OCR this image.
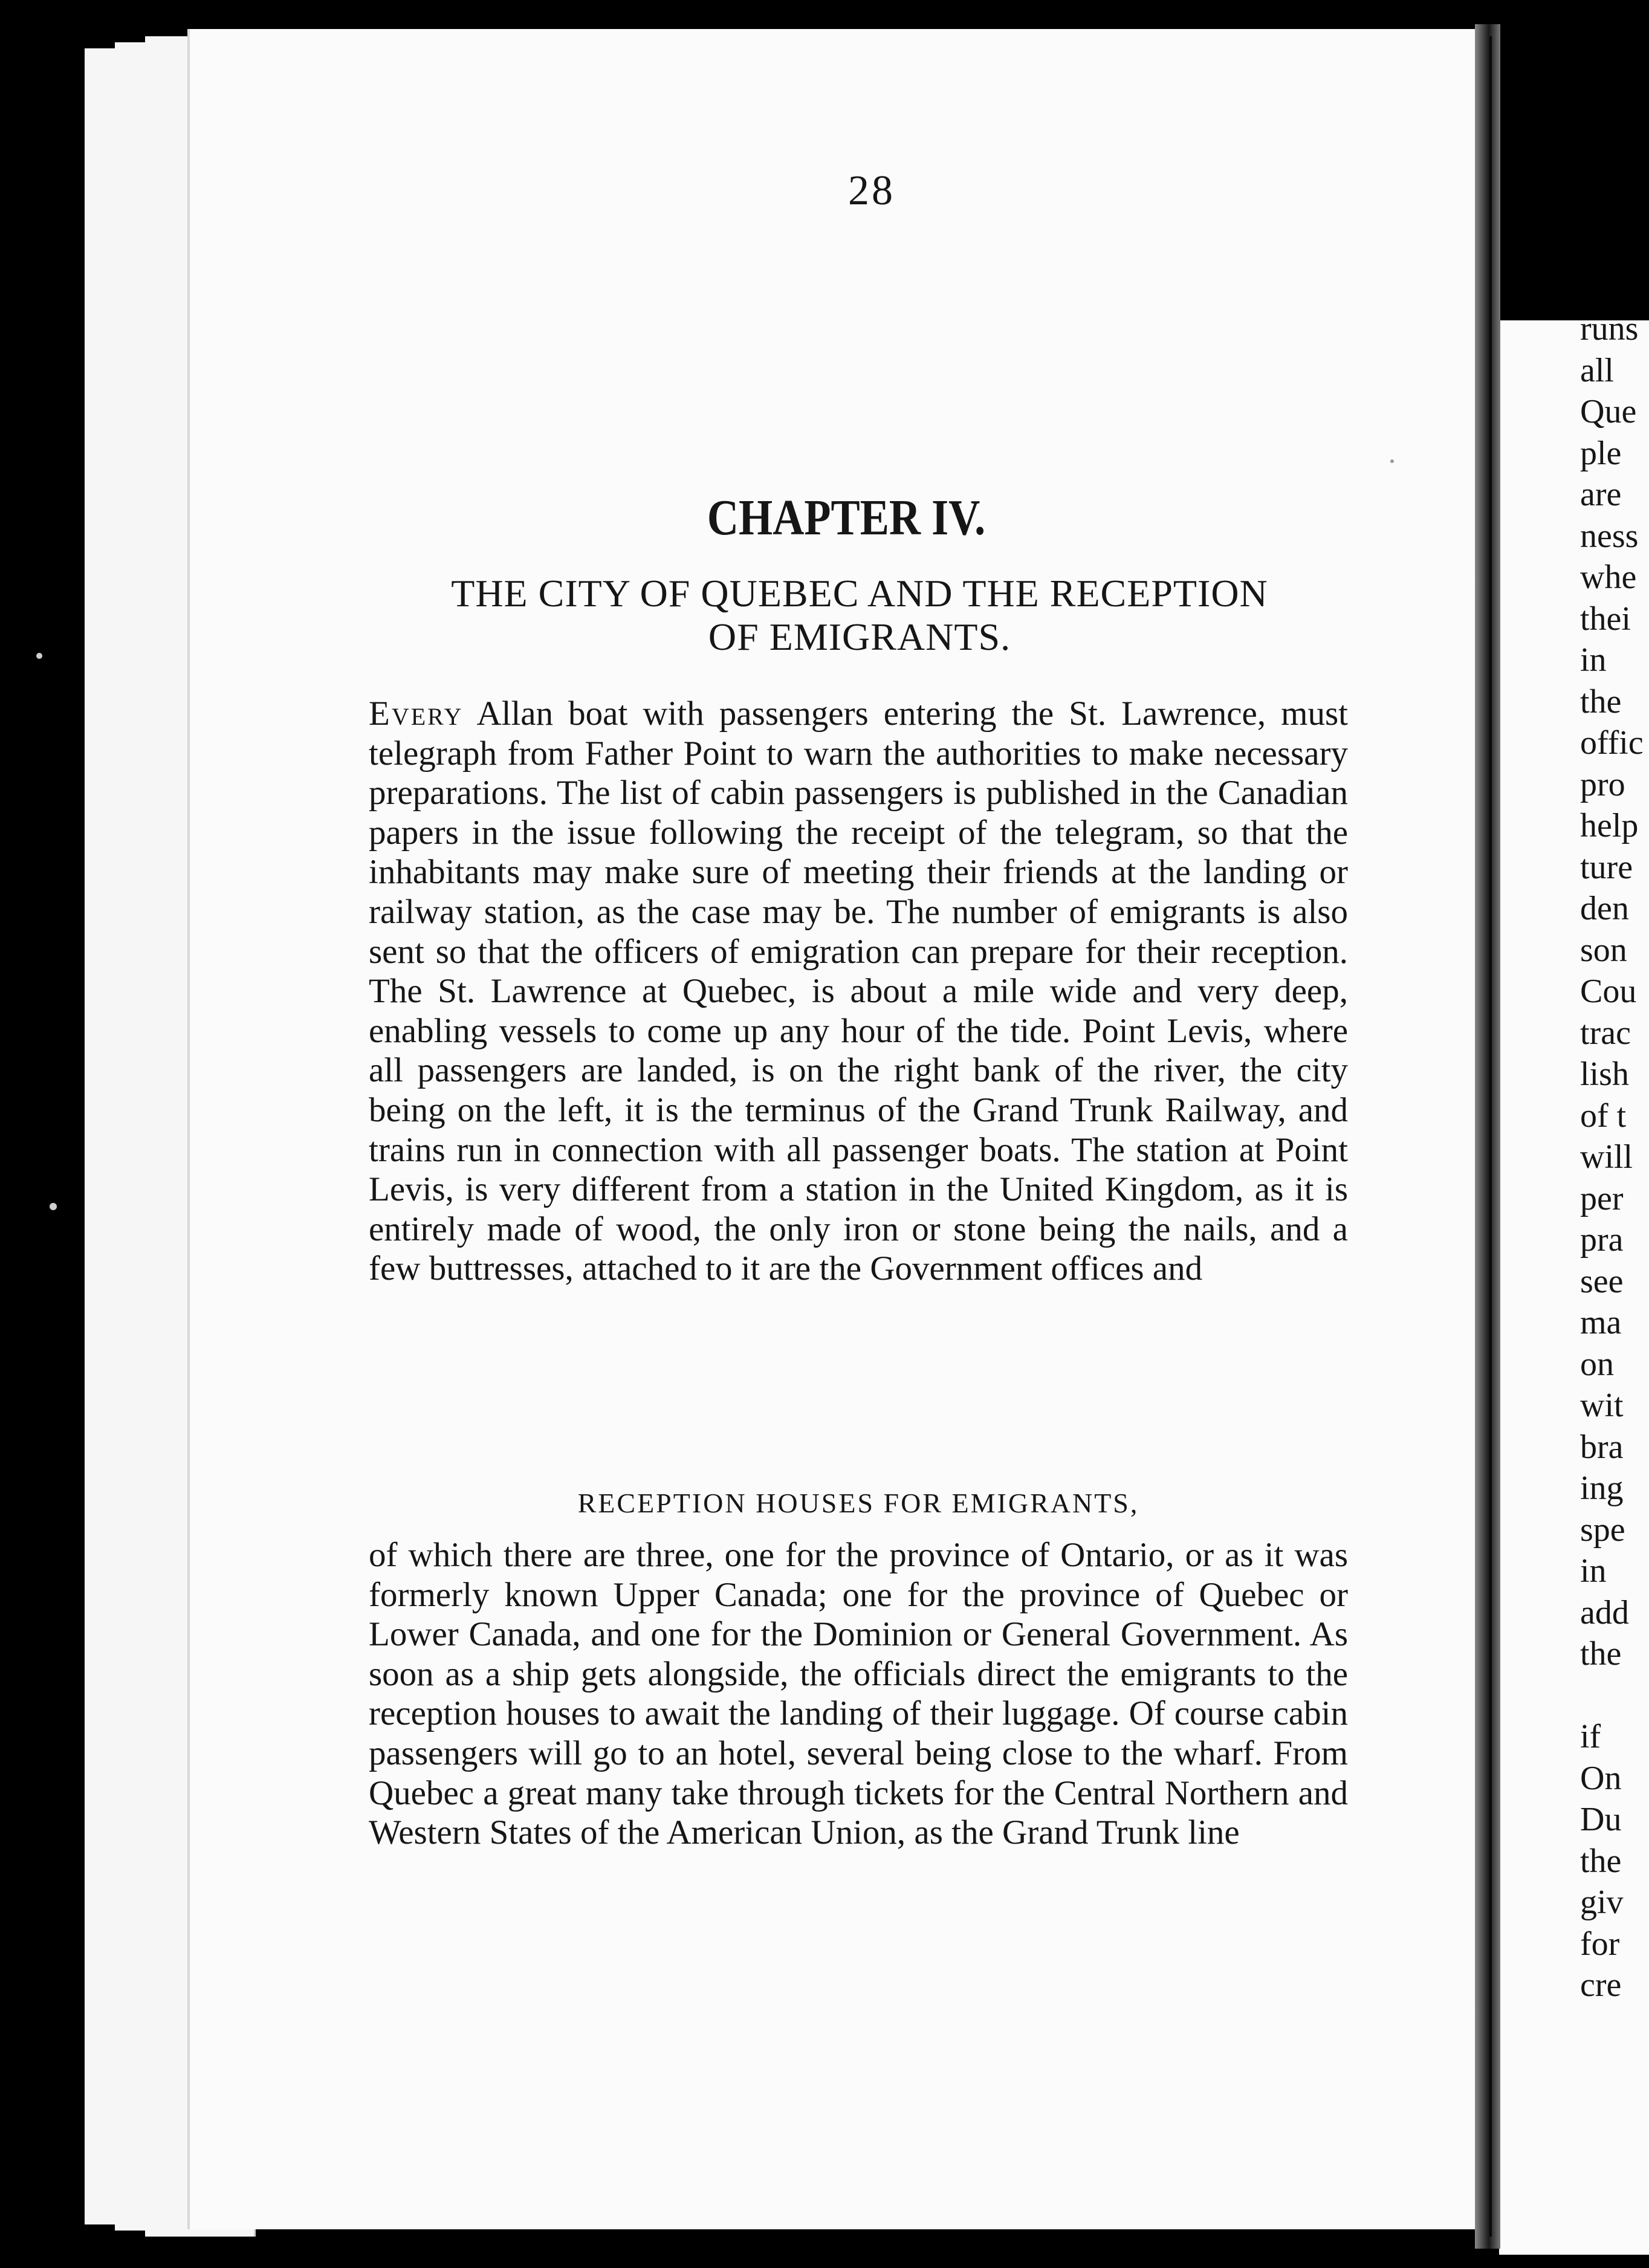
28
CHAPTER IV.
THE CITY OF QUEBEC AND THE RECEPTION
OF EMIGRANTS.

Every Allan boat with passengers entering the St. Lawrence, must telegraph from Father Point to warn the authorities to make necessary preparations. The list of cabin passengers is published in the Canadian papers in the issue following the receipt of the telegram, so that the inhabitants may make sure of meeting their friends at the landing or railway station, as the case may be. The number of emigrants is also sent so that the officers of emigration can prepare for their reception. The St. Lawrence at Quebec, is about a mile wide and very deep, enabling vessels to come up any hour of the tide. Point Levis, where all passengers are landed, is on the right bank of the river, the city being on the left, it is the terminus of the Grand Trunk Railway, and trains run in connection with all passenger boats. The station at Point Levis, is very different from a station in the United Kingdom, as it is entirely made of wood, the only iron or stone being the nails, and a few buttresses, attached to it are the Government offices and

RECEPTION HOUSES FOR EMIGRANTS,

of which there are three, one for the province of Ontario, or as it was formerly known Upper Canada; one for the province of Quebec or Lower Canada, and one for the Dominion or General Government. As soon as a ship gets alongside, the officials direct the emigrants to the reception houses to await the landing of their luggage. Of course cabin passengers will go to an hotel, several being close to the wharf. From Quebec a great many take through tickets for the Central Northern and Western States of the American Union, as the Grand Trunk line

runs
all
Que
ple
are
ness
whe
thei
in
the
offic
pro
help
ture
den
son
Cou
trac
lish
of t
will
per
pra
see
ma
on
wit
bra
ing
spe
in
add
the
if
On
Du
the
giv
for
cre
